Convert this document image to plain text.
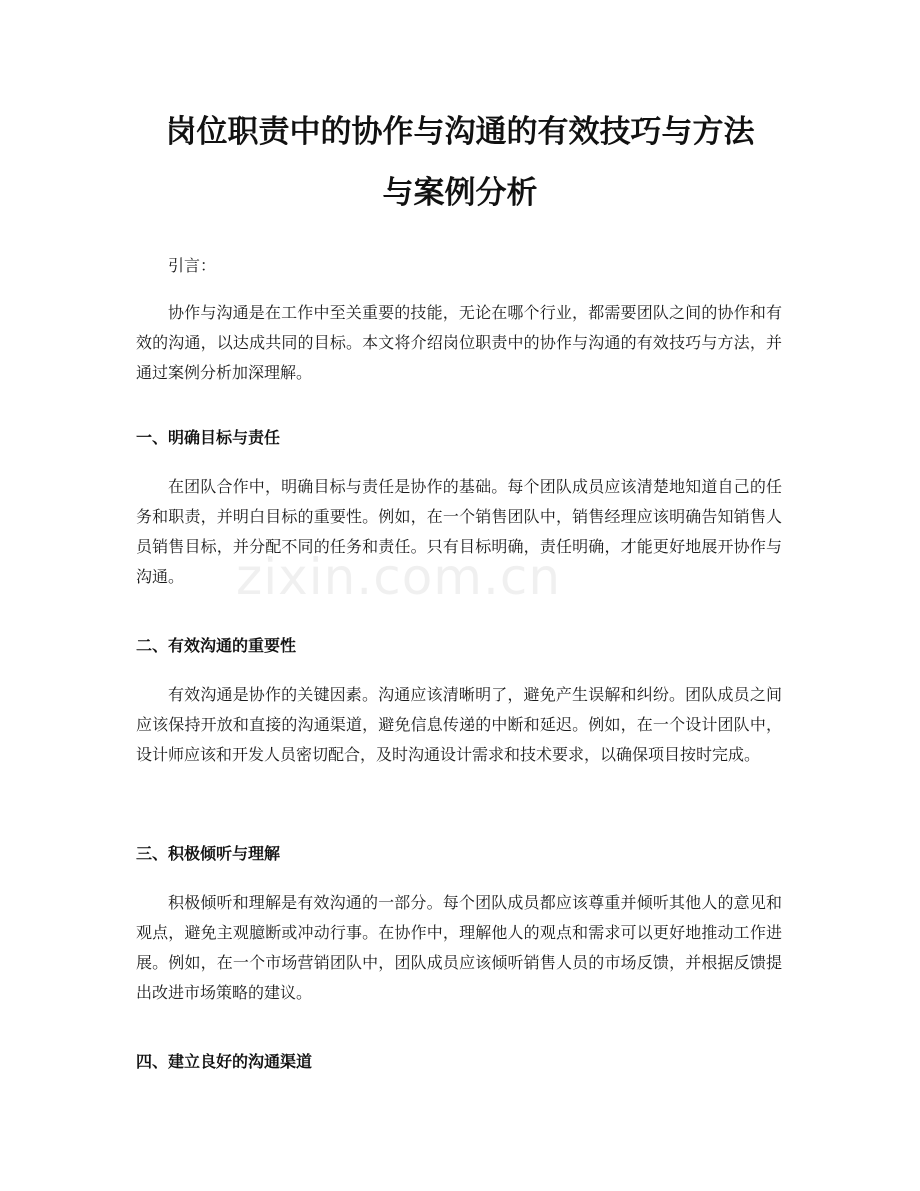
岗位职责中的协作与沟通的有效技巧与方法
与案例分析

引言：

协作与沟通是在工作中至关重要的技能，无论在哪个行业，都需要团队之间的协作和有效的沟通，以达成共同的目标。本文将介绍岗位职责中的协作与沟通的有效技巧与方法，并通过案例分析加深理解。

一、明确目标与责任

在团队合作中，明确目标与责任是协作的基础。每个团队成员应该清楚地知道自己的任务和职责，并明白目标的重要性。例如，在一个销售团队中，销售经理应该明确告知销售人员销售目标，并分配不同的任务和责任。只有目标明确，责任明确，才能更好地展开协作与沟通。

二、有效沟通的重要性

有效沟通是协作的关键因素。沟通应该清晰明了，避免产生误解和纠纷。团队成员之间应该保持开放和直接的沟通渠道，避免信息传递的中断和延迟。例如，在一个设计团队中，设计师应该和开发人员密切配合，及时沟通设计需求和技术要求，以确保项目按时完成。

三、积极倾听与理解

积极倾听和理解是有效沟通的一部分。每个团队成员都应该尊重并倾听其他人的意见和观点，避免主观臆断或冲动行事。在协作中，理解他人的观点和需求可以更好地推动工作进展。例如，在一个市场营销团队中，团队成员应该倾听销售人员的市场反馈，并根据反馈提出改进市场策略的建议。

四、建立良好的沟通渠道
zixin.com.cn
